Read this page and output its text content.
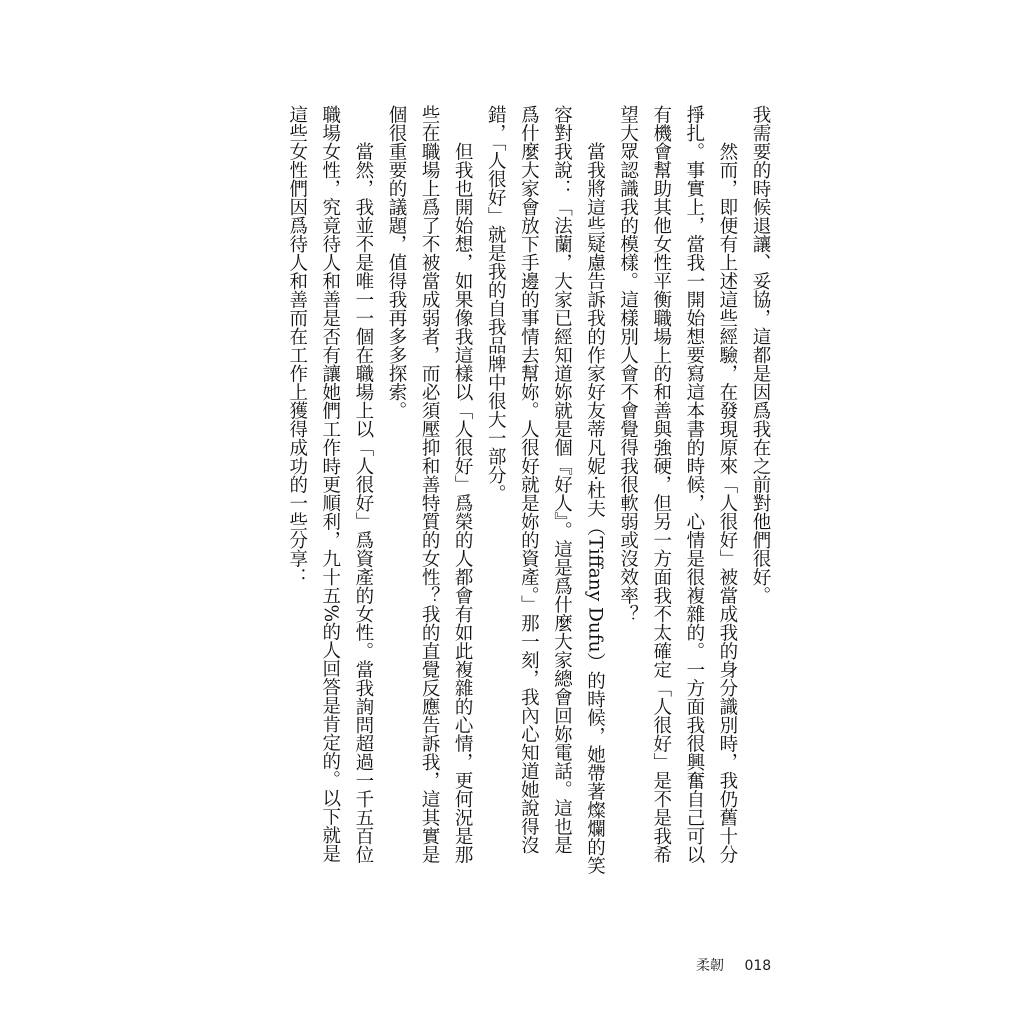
我需要的時候退讓、妥協，這都是因爲我在之前對他們很好。

然而，即便有上述這些經驗，在發現原來「人很好」被當成我的身分識別時，我仍舊十分

掙扎。事實上，當我一開始想要寫這本書的時候，心情是很複雜的。一方面我很興奮自己可以

有機會幫助其他女性平衡職場上的和善與強硬，但另一方面我不太確定「人很好」是不是我希

望大眾認識我的模樣。這樣別人會不會覺得我很軟弱或沒效率？

當我將這些疑慮告訴我的作家好友蒂凡妮·杜夫（Tiffany Dufu）的時候，她帶著燦爛的笑

容對我說：「法蘭，大家已經知道妳就是個『好人』。這是爲什麼大家總會回妳電話。這也是

爲什麼大家會放下手邊的事情去幫妳。人很好就是妳的資產。」那一刻，我內心知道她說得沒

錯，「人很好」就是我的自我品牌中很大一部分。

但我也開始想，如果像我這樣以「人很好」爲榮的人都會有如此複雜的心情，更何況是那

些在職場上爲了不被當成弱者，而必須壓抑和善特質的女性？我的直覺反應告訴我，這其實是

個很重要的議題，值得我再多多探索。

當然，我並不是唯一一個在職場上以「人很好」爲資產的女性。當我詢問超過一千五百位

職場女性，究竟待人和善是否有讓她們工作時更順利，九十五%的人回答是肯定的。以下就是

這些女性們因爲待人和善而在工作上獲得成功的一些分享：

柔韌 018
